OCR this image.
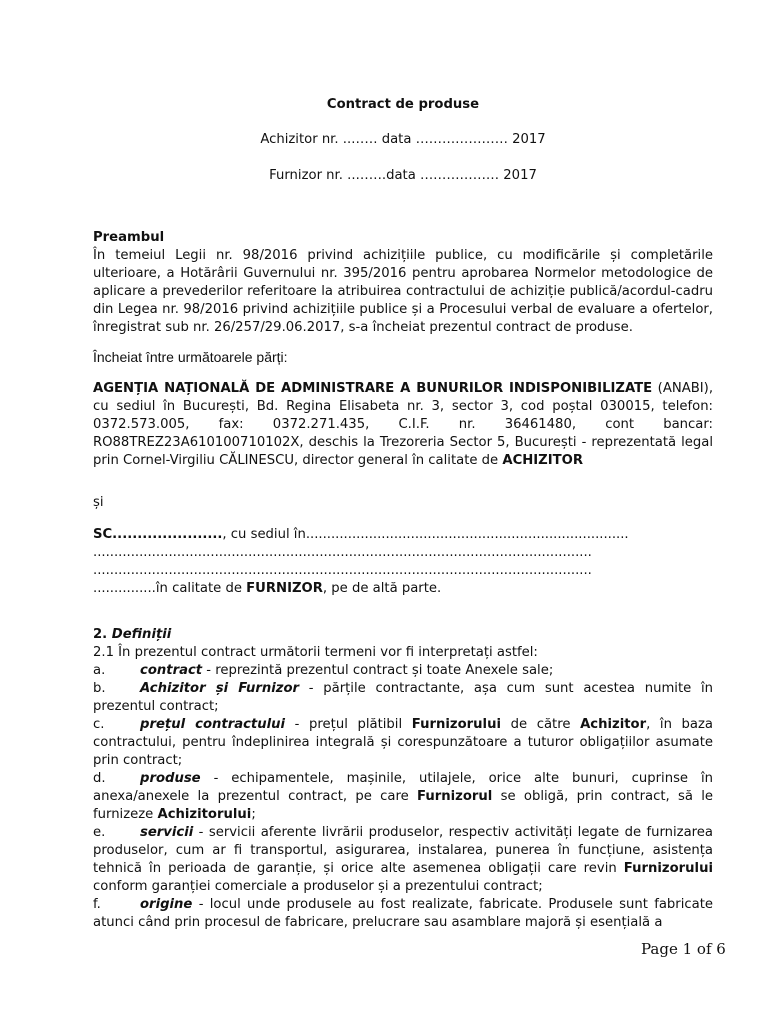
Contract de produse

Achizitor nr. ..…… data ………………… 2017

Furnizor nr. ..…….data ……………… 2017

Preambul

În temeiul Legii nr. 98/2016 privind achizițiile publice, cu modificările și completările ulterioare, a Hotărârii Guvernului nr. 395/2016 pentru aprobarea Normelor metodologice de aplicare a prevederilor referitoare la atribuirea contractului de achiziție publică/acordul-cadru din Legea nr. 98/2016 privind achizițiile publice și a Procesului verbal de evaluare a ofertelor, înregistrat sub nr. 26/257/29.06.2017, s-a încheiat prezentul contract de produse.

Încheiat între următoarele părți:

AGENȚIA NAȚIONALĂ DE ADMINISTRARE A BUNURILOR INDISPONIBILIZATE (ANABI), cu sediul în București, Bd. Regina Elisabeta nr. 3, sector 3, cod poștal 030015, telefon: 0372.573.005, fax: 0372.271.435, C.I.F. nr. 36461480, cont bancar: RO88TREZ23A610100710102X, deschis la Trezoreria Sector 5, București - reprezentată legal prin Cornel-Virgiliu CĂLINESCU, director general în calitate de ACHIZITOR

și

SC......................, cu sediul în.............................................................................
.......................................................................................................................
.......................................................................................................................
...............în calitate de FURNIZOR, pe de altă parte.

2. Definiții

2.1 În prezentul contract următorii termeni vor fi interpretați astfel:

a.	contract - reprezintă prezentul contract și toate Anexele sale;

b.	Achizitor și Furnizor - părțile contractante, așa cum sunt acestea numite în prezentul contract;

c.	prețul contractului - prețul plătibil Furnizorului de către Achizitor, în baza contractului, pentru îndeplinirea integrală și corespunzătoare a tuturor obligațiilor asumate prin contract;

d.	produse - echipamentele, mașinile, utilajele, orice alte bunuri, cuprinse în anexa/anexele la prezentul contract, pe care Furnizorul se obligă, prin contract, să le furnizeze Achizitorului;

e.	servicii - servicii aferente livrării produselor, respectiv activități legate de furnizarea produselor, cum ar fi transportul, asigurarea, instalarea, punerea în funcțiune, asistența tehnică în perioada de garanție, și orice alte asemenea obligații care revin Furnizorului conform garanției comerciale a produselor și a prezentului contract;

f.	origine - locul unde produsele au fost realizate, fabricate. Produsele sunt fabricate atunci când prin procesul de fabricare, prelucrare sau asamblare majoră și esențială a

Page 1 of 6
